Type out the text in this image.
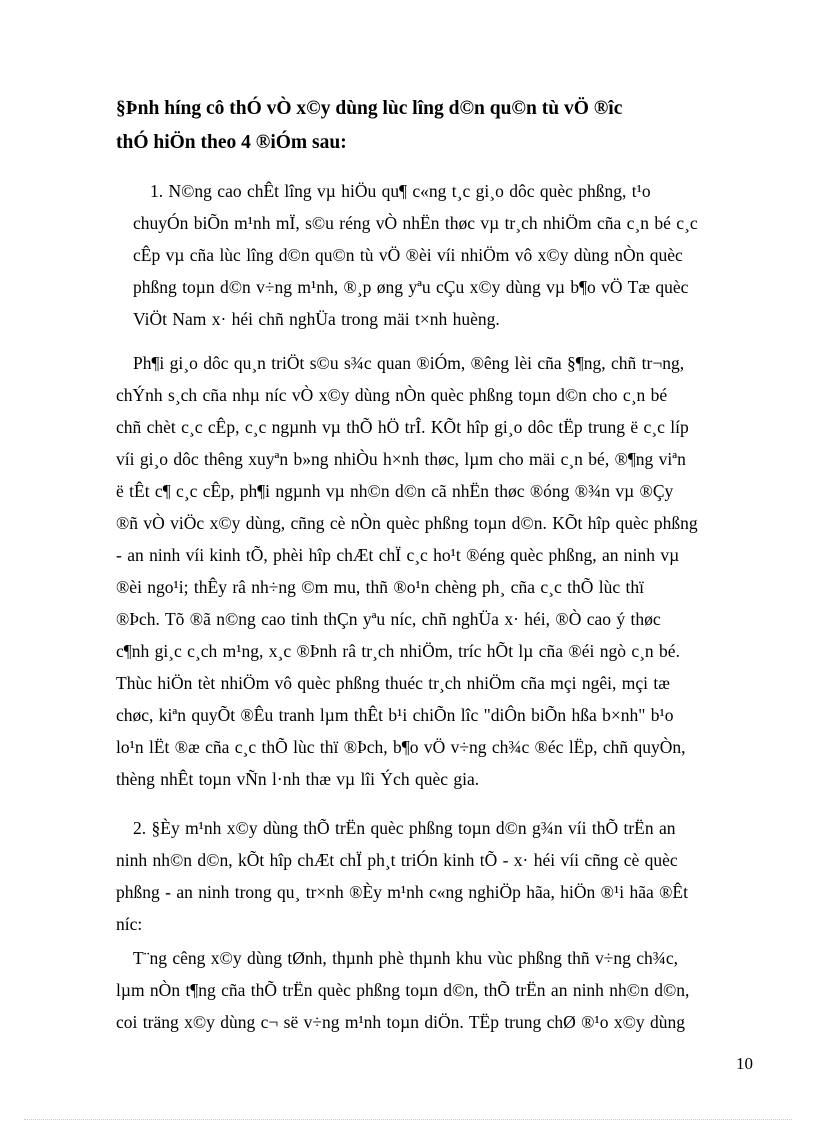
§Þnh híng cô thÓ vÒ x©y dùng lùc lîng d©n qu©n tù vÖ ®îc
thÓ hiÖn theo 4 ®iÓm sau:
1. N©ng cao chÊt lîng vµ hiÖu qu¶ c«ng t¸c gi¸o dôc quèc phßng, t¹o
chuyÓn biÕn m¹nh mÏ, s©u réng vÒ nhËn thøc vµ tr¸ch nhiÖm cña c¸n bé c¸c
cÊp vµ cña lùc lîng d©n qu©n tù vÖ ®èi víi nhiÖm vô x©y dùng nÒn quèc
phßng toµn d©n v÷ng m¹nh, ®¸p øng yªu cÇu x©y dùng vµ b¶o vÖ Tæ quèc
ViÖt Nam x· héi chñ nghÜa trong mäi t×nh huèng.
Ph¶i gi¸o dôc qu¸n triÖt s©u s¾c quan ®iÓm, ®êng lèi cña §¶ng, chñ tr¬ng,
chÝnh s¸ch cña nhµ níc vÒ x©y dùng nÒn quèc phßng toµn d©n cho c¸n bé
chñ chèt c¸c cÊp, c¸c ngµnh vµ thÕ hÖ trÎ. KÕt hîp gi¸o dôc tËp trung ë c¸c líp
víi gi¸o dôc thêng xuyªn b»ng nhiÒu h×nh thøc, lµm cho mäi c¸n bé, ®¶ng viªn
ë tÊt c¶ c¸c cÊp, ph¶i ngµnh vµ nh©n d©n cã nhËn thøc ®óng ®¾n vµ ®Çy
®ñ vÒ viÖc x©y dùng, cñng cè nÒn quèc phßng toµn d©n. KÕt hîp quèc phßng
- an ninh víi kinh tÕ, phèi hîp chÆt chÏ c¸c ho¹t ®éng quèc phßng, an ninh vµ
®èi ngo¹i; thÊy râ nh÷ng ©m mu, thñ ®o¹n chèng ph¸ cña c¸c thÕ lùc thï
®Þch. Tõ ®ã n©ng cao tinh thÇn yªu níc, chñ nghÜa x· héi, ®Ò cao ý thøc
c¶nh gi¸c c¸ch m¹ng, x¸c ®Þnh râ tr¸ch nhiÖm, tríc hÕt lµ cña ®éi ngò c¸n bé.
Thùc hiÖn tèt nhiÖm vô quèc phßng thuéc tr¸ch nhiÖm cña mçi ngêi, mçi tæ
chøc, kiªn quyÕt ®Êu tranh lµm thÊt b¹i chiÕn lîc "diÔn biÕn hßa b×nh" b¹o
lo¹n lËt ®æ cña c¸c thÕ lùc thï ®Þch, b¶o vÖ v÷ng ch¾c ®éc lËp, chñ quyÒn,
thèng nhÊt toµn vÑn l·nh thæ vµ lîi Ých quèc gia.
2. §Èy m¹nh x©y dùng thÕ trËn quèc phßng toµn d©n g¾n víi thÕ trËn an
ninh nh©n d©n, kÕt hîp chÆt chÏ ph¸t triÓn kinh tÕ - x· héi víi cñng cè quèc
phßng - an ninh trong qu¸ tr×nh ®Èy m¹nh c«ng nghiÖp hãa, hiÖn ®¹i hãa ®Êt
níc:
T¨ng cêng x©y dùng tØnh, thµnh phè thµnh khu vùc phßng thñ v÷ng ch¾c,
lµm nÒn t¶ng cña thÕ trËn quèc phßng toµn d©n, thÕ trËn an ninh nh©n d©n,
coi träng x©y dùng c¬ së v÷ng m¹nh toµn diÖn. TËp trung chØ ®¹o x©y dùng
10
